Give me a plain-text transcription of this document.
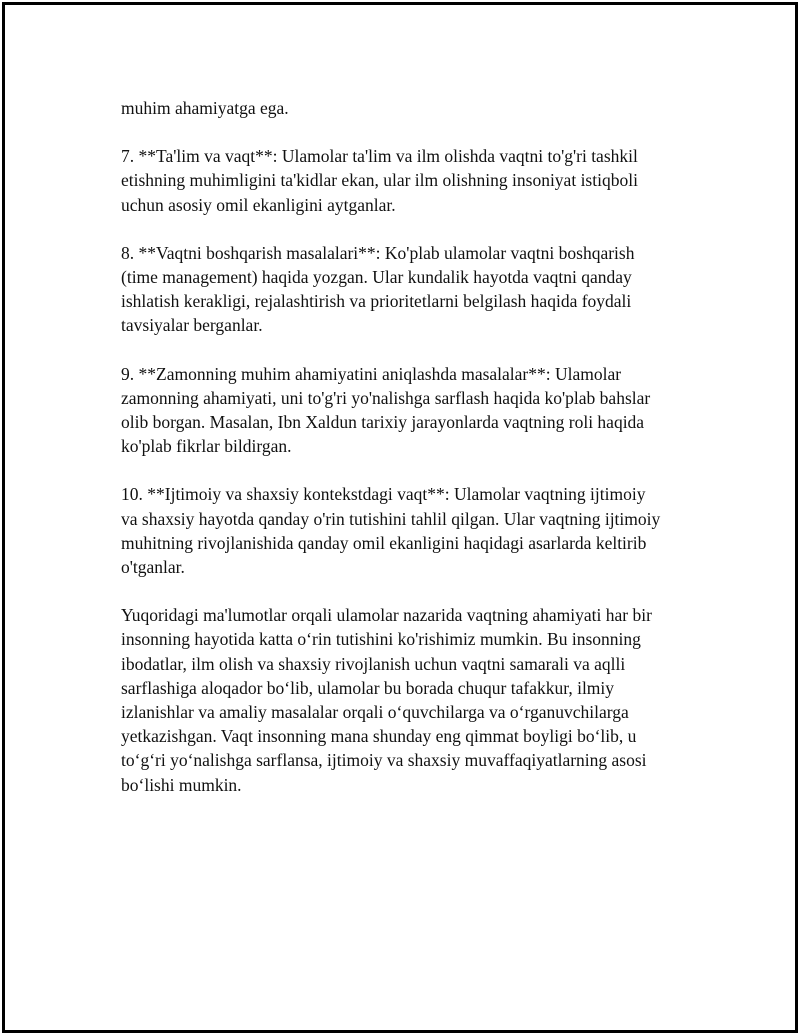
muhim ahamiyatga ega.

7. **Ta'lim va vaqt**: Ulamolar ta'lim va ilm olishda vaqtni to'g'ri tashkil
etishning muhimligini ta'kidlar ekan, ular ilm olishning insoniyat istiqboli
uchun asosiy omil ekanligini aytganlar.

8. **Vaqtni boshqarish masalalari**: Ko'plab ulamolar vaqtni boshqarish
(time management) haqida yozgan. Ular kundalik hayotda vaqtni qanday
ishlatish kerakligi, rejalashtirish va prioritetlarni belgilash haqida foydali
tavsiyalar berganlar.

9. **Zamonning muhim ahamiyatini aniqlashda masalalar**: Ulamolar
zamonning ahamiyati, uni to'g'ri yo'nalishga sarflash haqida ko'plab bahslar
olib borgan. Masalan, Ibn Xaldun tarixiy jarayonlarda vaqtning roli haqida
ko'plab fikrlar bildirgan.

10. **Ijtimoiy va shaxsiy kontekstdagi vaqt**: Ulamolar vaqtning ijtimoiy
va shaxsiy hayotda qanday o'rin tutishini tahlil qilgan. Ular vaqtning ijtimoiy
muhitning rivojlanishida qanday omil ekanligini haqidagi asarlarda keltirib
o'tganlar.

Yuqoridagi ma'lumotlar orqali ulamolar nazarida vaqtning ahamiyati har bir
insonning hayotida katta o‘rin tutishini ko'rishimiz mumkin. Bu insonning
ibodatlar, ilm olish va shaxsiy rivojlanish uchun vaqtni samarali va aqlli
sarflashiga aloqador bo‘lib, ulamolar bu borada chuqur tafakkur, ilmiy
izlanishlar va amaliy masalalar orqali o‘quvchilarga va o‘rganuvchilarga
yetkazishgan. Vaqt insonning mana shunday eng qimmat boyligi bo‘lib, u
to‘g‘ri yo‘nalishga sarflansa, ijtimoiy va shaxsiy muvaffaqiyatlarning asosi
bo‘lishi mumkin.
